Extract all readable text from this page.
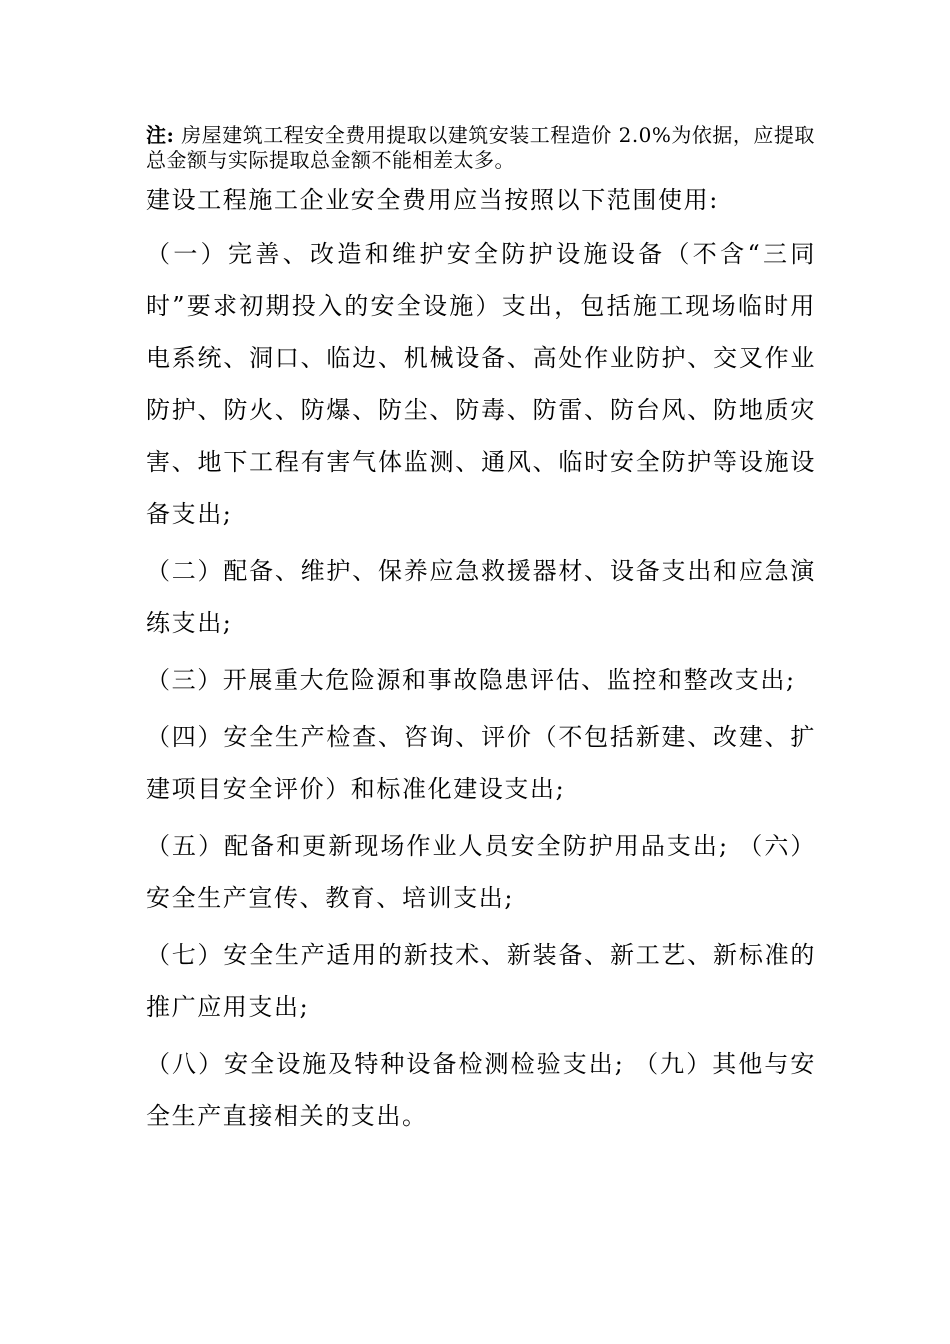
注: 房屋建筑工程安全费用提取以建筑安装工程造价 2.0%为依据，应提取总金额与实际提取总金额不能相差太多。
建设工程施工企业安全费用应当按照以下范围使用:
（一）完善、改造和维护安全防护设施设备（不含“三同时”要求初期投入的安全设施）支出，包括施工现场临时用电系统、洞口、临边、机械设备、高处作业防护、交叉作业防护、防火、防爆、防尘、防毒、防雷、防台风、防地质灾害、地下工程有害气体监测、通风、临时安全防护等设施设备支出;
（二）配备、维护、保养应急救援器材、设备支出和应急演练支出;
（三）开展重大危险源和事故隐患评估、监控和整改支出;
（四）安全生产检查、咨询、评价（不包括新建、改建、扩建项目安全评价）和标准化建设支出;
（五）配备和更新现场作业人员安全防护用品支出; （六）安全生产宣传、教育、培训支出;
（七）安全生产适用的新技术、新装备、新工艺、新标准的推广应用支出;
（八）安全设施及特种设备检测检验支出; （九）其他与安全生产直接相关的支出。
